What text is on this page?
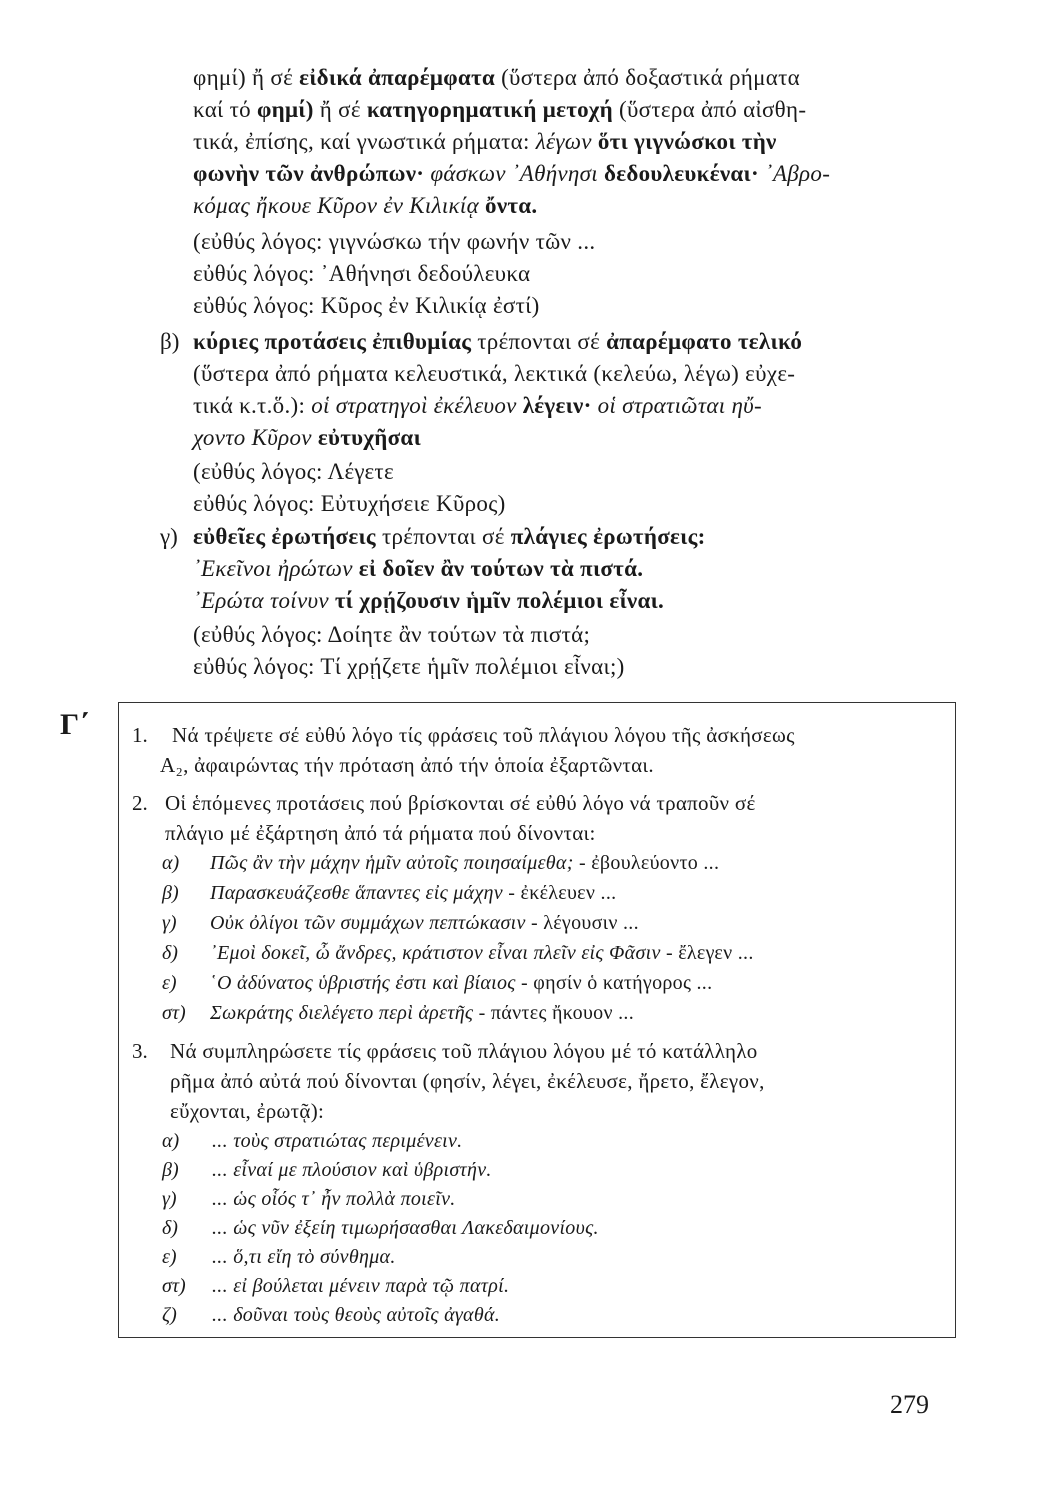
φημί) ἤ σέ εἰδικά ἀπαρέμφατα (ὕστερα ἀπό δοξαστικά ρήματα
καί τό φημί) ἤ σέ κατηγορηματική μετοχή (ὕστερα ἀπό αἰσθη-
τικά, ἐπίσης, καί γνωστικά ρήματα: λέγων ὅτι γιγνώσκοι τὴν
φωνὴν τῶν ἀνθρώπων· φάσκων ᾿Αθήνησι δεδουλευκέναι· ᾿Αβρο-
κόμας ἤκουε Κῦρον ἐν Κιλικίᾳ ὄντα.
(εὐθύς λόγος: γιγνώσκω τήν φωνήν τῶν ...
εὐθύς λόγος: ᾿Αθήνησι δεδούλευκα
εὐθύς λόγος: Κῦρος ἐν Κιλικίᾳ ἐστί)
β) κύριες προτάσεις ἐπιθυμίας τρέπονται σέ ἀπαρέμφατο τελικό
(ὕστερα ἀπό ρήματα κελευστικά, λεκτικά (κελεύω, λέγω) εὐχε-
τικά κ.τ.ὅ.): οἱ στρατηγοὶ ἐκέλευον λέγειν· οἱ στρατιῶται ηὔ-
χοντο Κῦρον εὐτυχῆσαι
(εὐθύς λόγος: Λέγετε
εὐθύς λόγος: Εὐτυχήσειε Κῦρος)
γ) εὐθεῖες ἐρωτήσεις τρέπονται σέ πλάγιες ἐρωτήσεις:
᾿Εκεῖνοι ἠρώτων εἰ δοῖεν ἂν τούτων τὰ πιστά.
᾿Ερώτα τοίνυν τί χρῄζουσιν ἡμῖν πολέμιοι εἶναι.
(εὐθύς λόγος: Δοίητε ἂν τούτων τὰ πιστά;
εὐθύς λόγος: Τί χρῄζετε ἡμῖν πολέμιοι εἶναι;)
Γ΄ 1. Νά τρέψετε σέ εὐθύ λόγο τίς φράσεις τοῦ πλάγιου λόγου τῆς ἀσκήσεως
Α₂, ἀφαιρώντας τήν πρόταση ἀπό τήν ὁποία ἐξαρτῶνται.
2. Οἱ ἑπόμενες προτάσεις πού βρίσκονται σέ εὐθύ λόγο νά τραποῦν σέ
πλάγιο μέ ἐξάρτηση ἀπό τά ρήματα πού δίνονται:
α) Πῶς ἂν τὴν μάχην ἡμῖν αὐτοῖς ποιησαίμεθα; - ἐβουλεύοντο ...
β) Παρασκευάζεσθε ἅπαντες εἰς μάχην - ἐκέλευεν ...
γ) Οὐκ ὀλίγοι τῶν συμμάχων πεπτώκασιν - λέγουσιν ...
δ) ᾿Εμοὶ δοκεῖ, ὦ ἄνδρες, κράτιστον εἶναι πλεῖν εἰς Φᾶσιν - ἔλεγεν ...
ε) ῾Ο ἀδύνατος ὑβριστής ἐστι καὶ βίαιος - φησίν ὁ κατήγορος ...
στ) Σωκράτης διελέγετο περὶ ἀρετῆς - πάντες ἤκουον ...
3. Νά συμπληρώσετε τίς φράσεις τοῦ πλάγιου λόγου μέ τό κατάλληλο
ρῆμα ἀπό αὐτά πού δίνονται (φησίν, λέγει, ἐκέλευσε, ἤρετο, ἔλεγον,
εὔχονται, ἐρωτᾷ):
α) ... τοὺς στρατιώτας περιμένειν.
β) ... εἶναί με πλούσιον καὶ ὑβριστήν.
γ) ... ὡς οἷός τ᾿ ἦν πολλὰ ποιεῖν.
δ) ... ὡς νῦν ἐξείη τιμωρήσασθαι Λακεδαιμονίους.
ε) ... ὅ,τι εἴη τὸ σύνθημα.
στ) ... εἰ βούλεται μένειν παρὰ τῷ πατρί.
ζ) ... δοῦναι τοὺς θεοὺς αὐτοῖς ἀγαθά.
279
